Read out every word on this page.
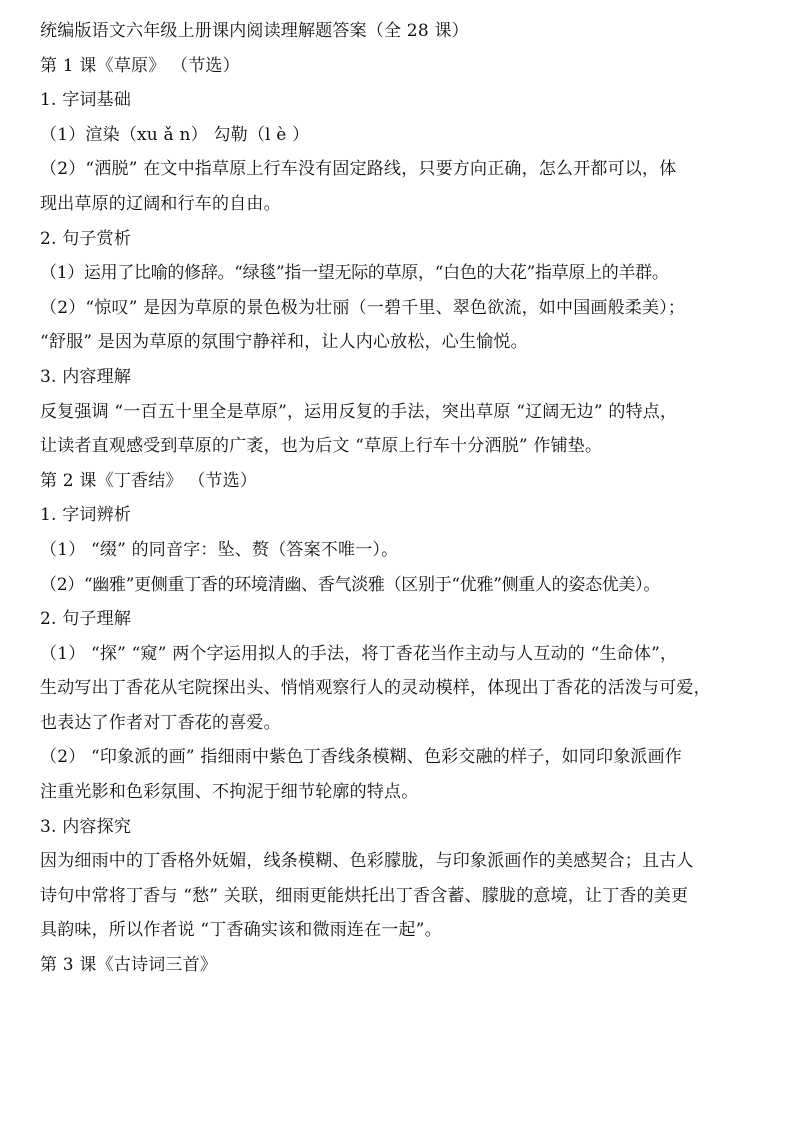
统编版语文六年级上册课内阅读理解题答案（全 28 课）
第 1 课《草原》 （节选）
1. 字词基础
（1）渲染（xu ǎ n） 勾勒（l è ）
（2）“洒脱” 在文中指草原上行车没有固定路线，只要方向正确，怎么开都可以，体
现出草原的辽阔和行车的自由。
2. 句子赏析
（1）运用了比喻的修辞。“绿毯”指一望无际的草原，“白色的大花”指草原上的羊群。
（2）“惊叹” 是因为草原的景色极为壮丽（一碧千里、翠色欲流，如中国画般柔美）；
“舒服” 是因为草原的氛围宁静祥和，让人内心放松，心生愉悦。
3. 内容理解
反复强调 “一百五十里全是草原”，运用反复的手法，突出草原 “辽阔无边” 的特点，
让读者直观感受到草原的广袤，也为后文 “草原上行车十分洒脱” 作铺垫。
第 2 课《丁香结》 （节选）
1. 字词辨析
（1） “缀” 的同音字：坠、赘（答案不唯一）。
（2）“幽雅”更侧重丁香的环境清幽、香气淡雅（区别于“优雅”侧重人的姿态优美）。
2. 句子理解
（1） “探” “窥” 两个字运用拟人的手法，将丁香花当作主动与人互动的 “生命体”，
生动写出丁香花从宅院探出头、悄悄观察行人的灵动模样，体现出丁香花的活泼与可爱，
也表达了作者对丁香花的喜爱。
（2） “印象派的画” 指细雨中紫色丁香线条模糊、色彩交融的样子，如同印象派画作
注重光影和色彩氛围、不拘泥于细节轮廓的特点。
3. 内容探究
因为细雨中的丁香格外妩媚，线条模糊、色彩朦胧，与印象派画作的美感契合；且古人
诗句中常将丁香与 “愁” 关联，细雨更能烘托出丁香含蓄、朦胧的意境，让丁香的美更
具韵味，所以作者说 “丁香确实该和微雨连在一起”。
第 3 课《古诗词三首》
